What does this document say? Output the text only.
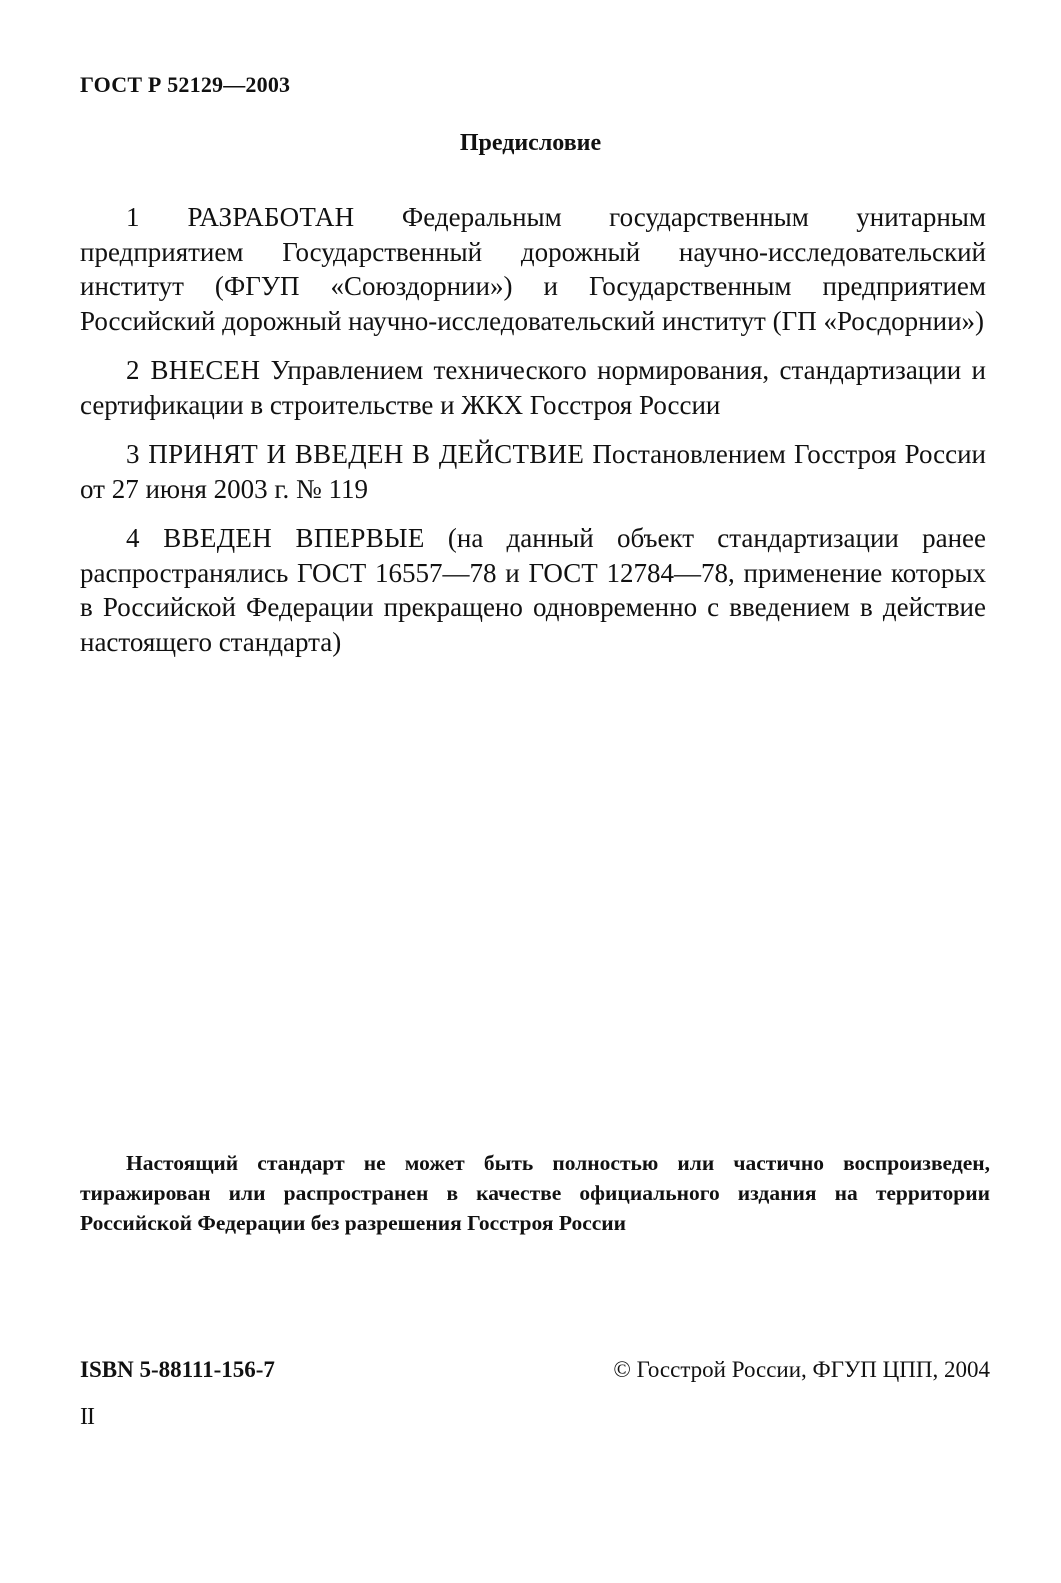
ГОСТ Р 52129—2003
Предисловие

1 РАЗРАБОТАН Федеральным государственным унитарным предприятием Государственный дорожный научно-исследовательский институт (ФГУП «Союздорнии») и Государственным предприятием Российский дорожный научно-исследовательский институт (ГП «Росдорнии»)

2 ВНЕСЕН Управлением технического нормирования, стандартизации и сертификации в строительстве и ЖКХ Госстроя России

3 ПРИНЯТ И ВВЕДЕН В ДЕЙСТВИЕ Постановлением Госстроя России от 27 июня 2003 г. № 119

4 ВВЕДЕН ВПЕРВЫЕ (на данный объект стандартизации ранее распространялись ГОСТ 16557—78 и ГОСТ 12784—78, применение которых в Российской Федерации прекращено одновременно с введением в действие настоящего стандарта)

Настоящий стандарт не может быть полностью или частично воспроизведен, тиражирован или распространен в качестве официального издания на территории Российской Федерации без разрешения Госстроя России
ISBN 5-88111-156-7	© Госстрой России, ФГУП ЦПП, 2004
II
